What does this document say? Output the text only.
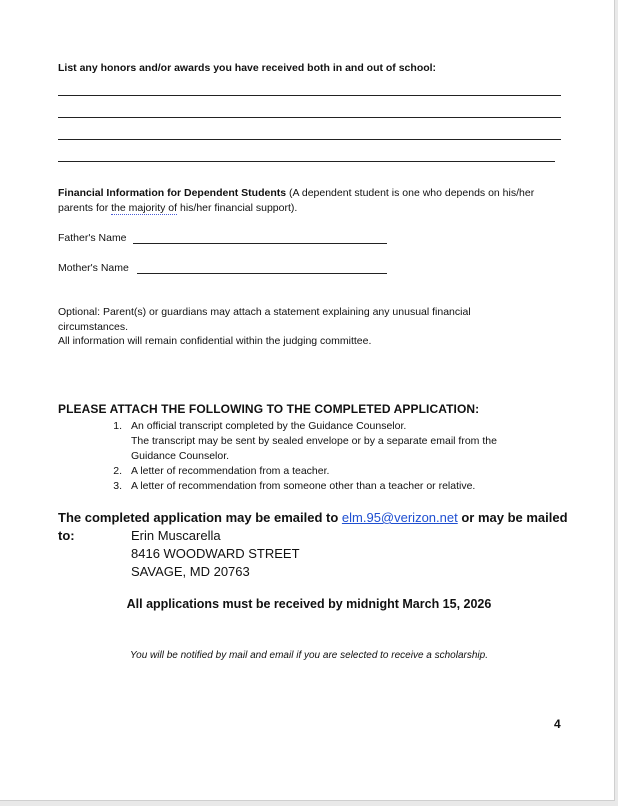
List any honors and/or awards you have received both in and out of school:
Financial Information for Dependent Students (A dependent student is one who depends on his/her
parents for the majority of his/her financial support).
Father's Name
Mother's Name
Optional: Parent(s) or guardians may attach a statement explaining any unusual financial
circumstances.
All information will remain confidential within the judging committee.
PLEASE ATTACH THE FOLLOWING TO THE COMPLETED APPLICATION:
1. An official transcript completed by the Guidance Counselor.
The transcript may be sent by sealed envelope or by a separate email from the
Guidance Counselor.
2. A letter of recommendation from a teacher.
3. A letter of recommendation from someone other than a teacher or relative.
The completed application may be emailed to elm.95@verizon.net or may be mailed
to:	Erin Muscarella
8416 WOODWARD STREET
SAVAGE, MD 20763
All applications must be received by midnight March 15, 2026
You will be notified by mail and email if you are selected to receive a scholarship.
4
